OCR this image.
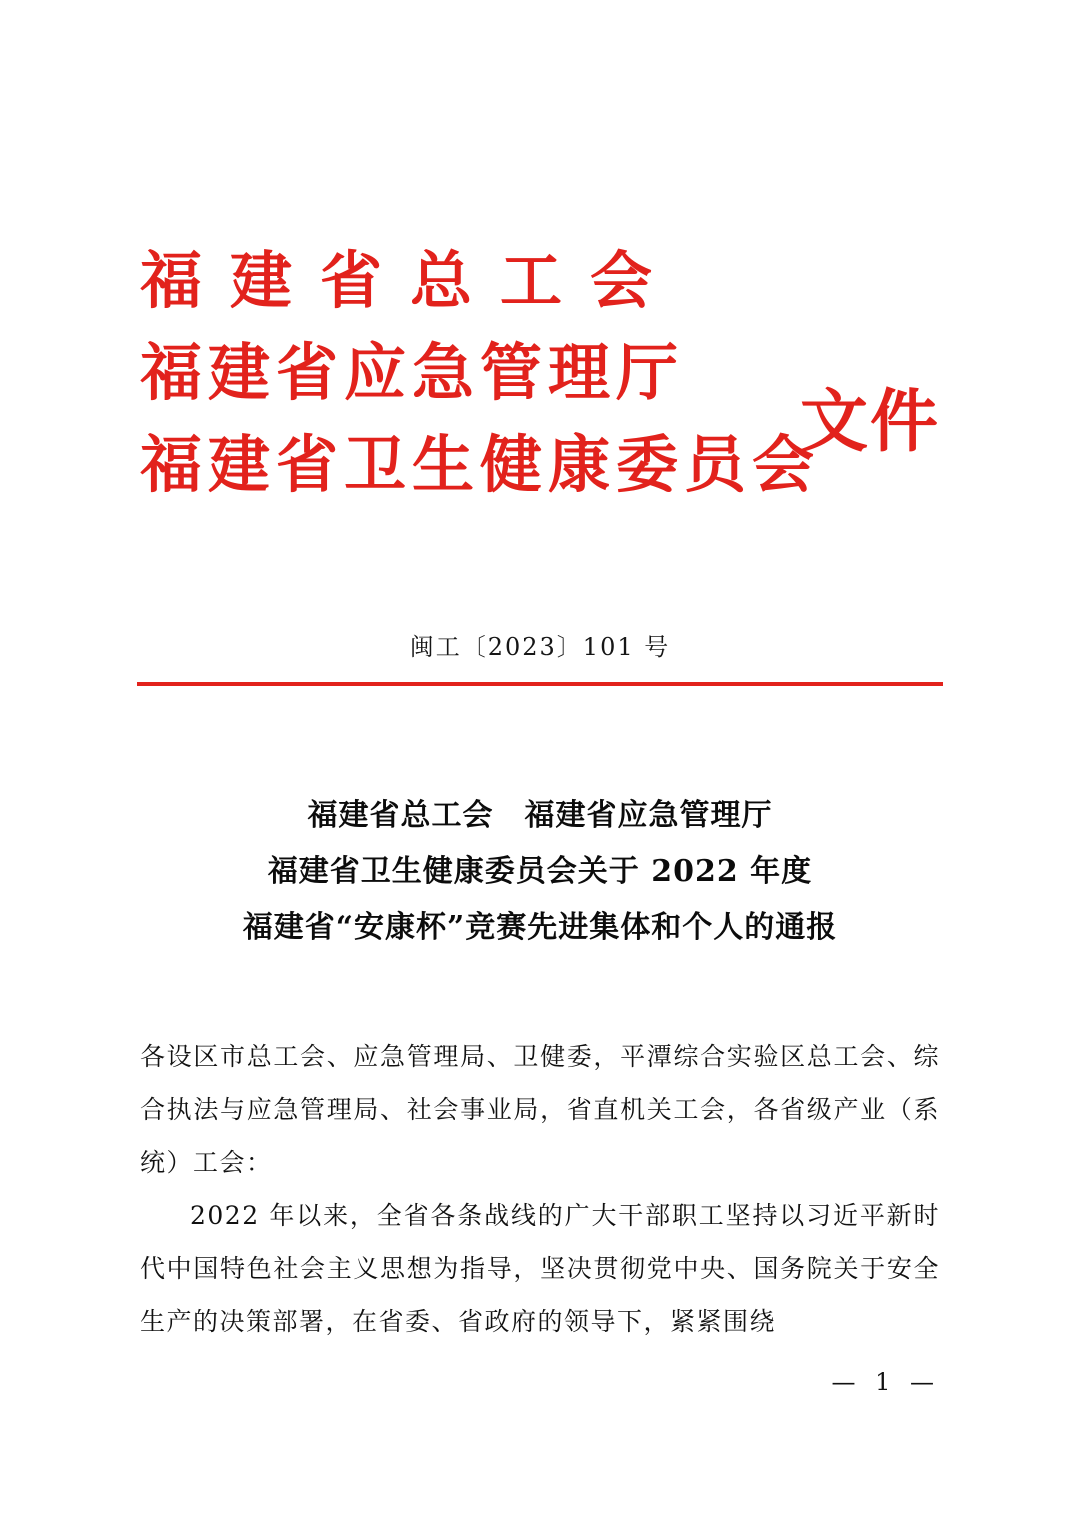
福建省总工会
福建省应急管理厅
福建省卫生健康委员会
文件
闽工〔2023〕101 号
福建省总工会　福建省应急管理厅
福建省卫生健康委员会关于 2022 年度
福建省“安康杯”竞赛先进集体和个人的通报

各设区市总工会、应急管理局、卫健委，平潭综合实验区总工会、综合执法与应急管理局、社会事业局，省直机关工会，各省级产业（系统）工会：

2022 年以来，全省各条战线的广大干部职工坚持以习近平新时代中国特色社会主义思想为指导，坚决贯彻党中央、国务院关于安全生产的决策部署，在省委、省政府的领导下，紧紧围绕

— 1 —
